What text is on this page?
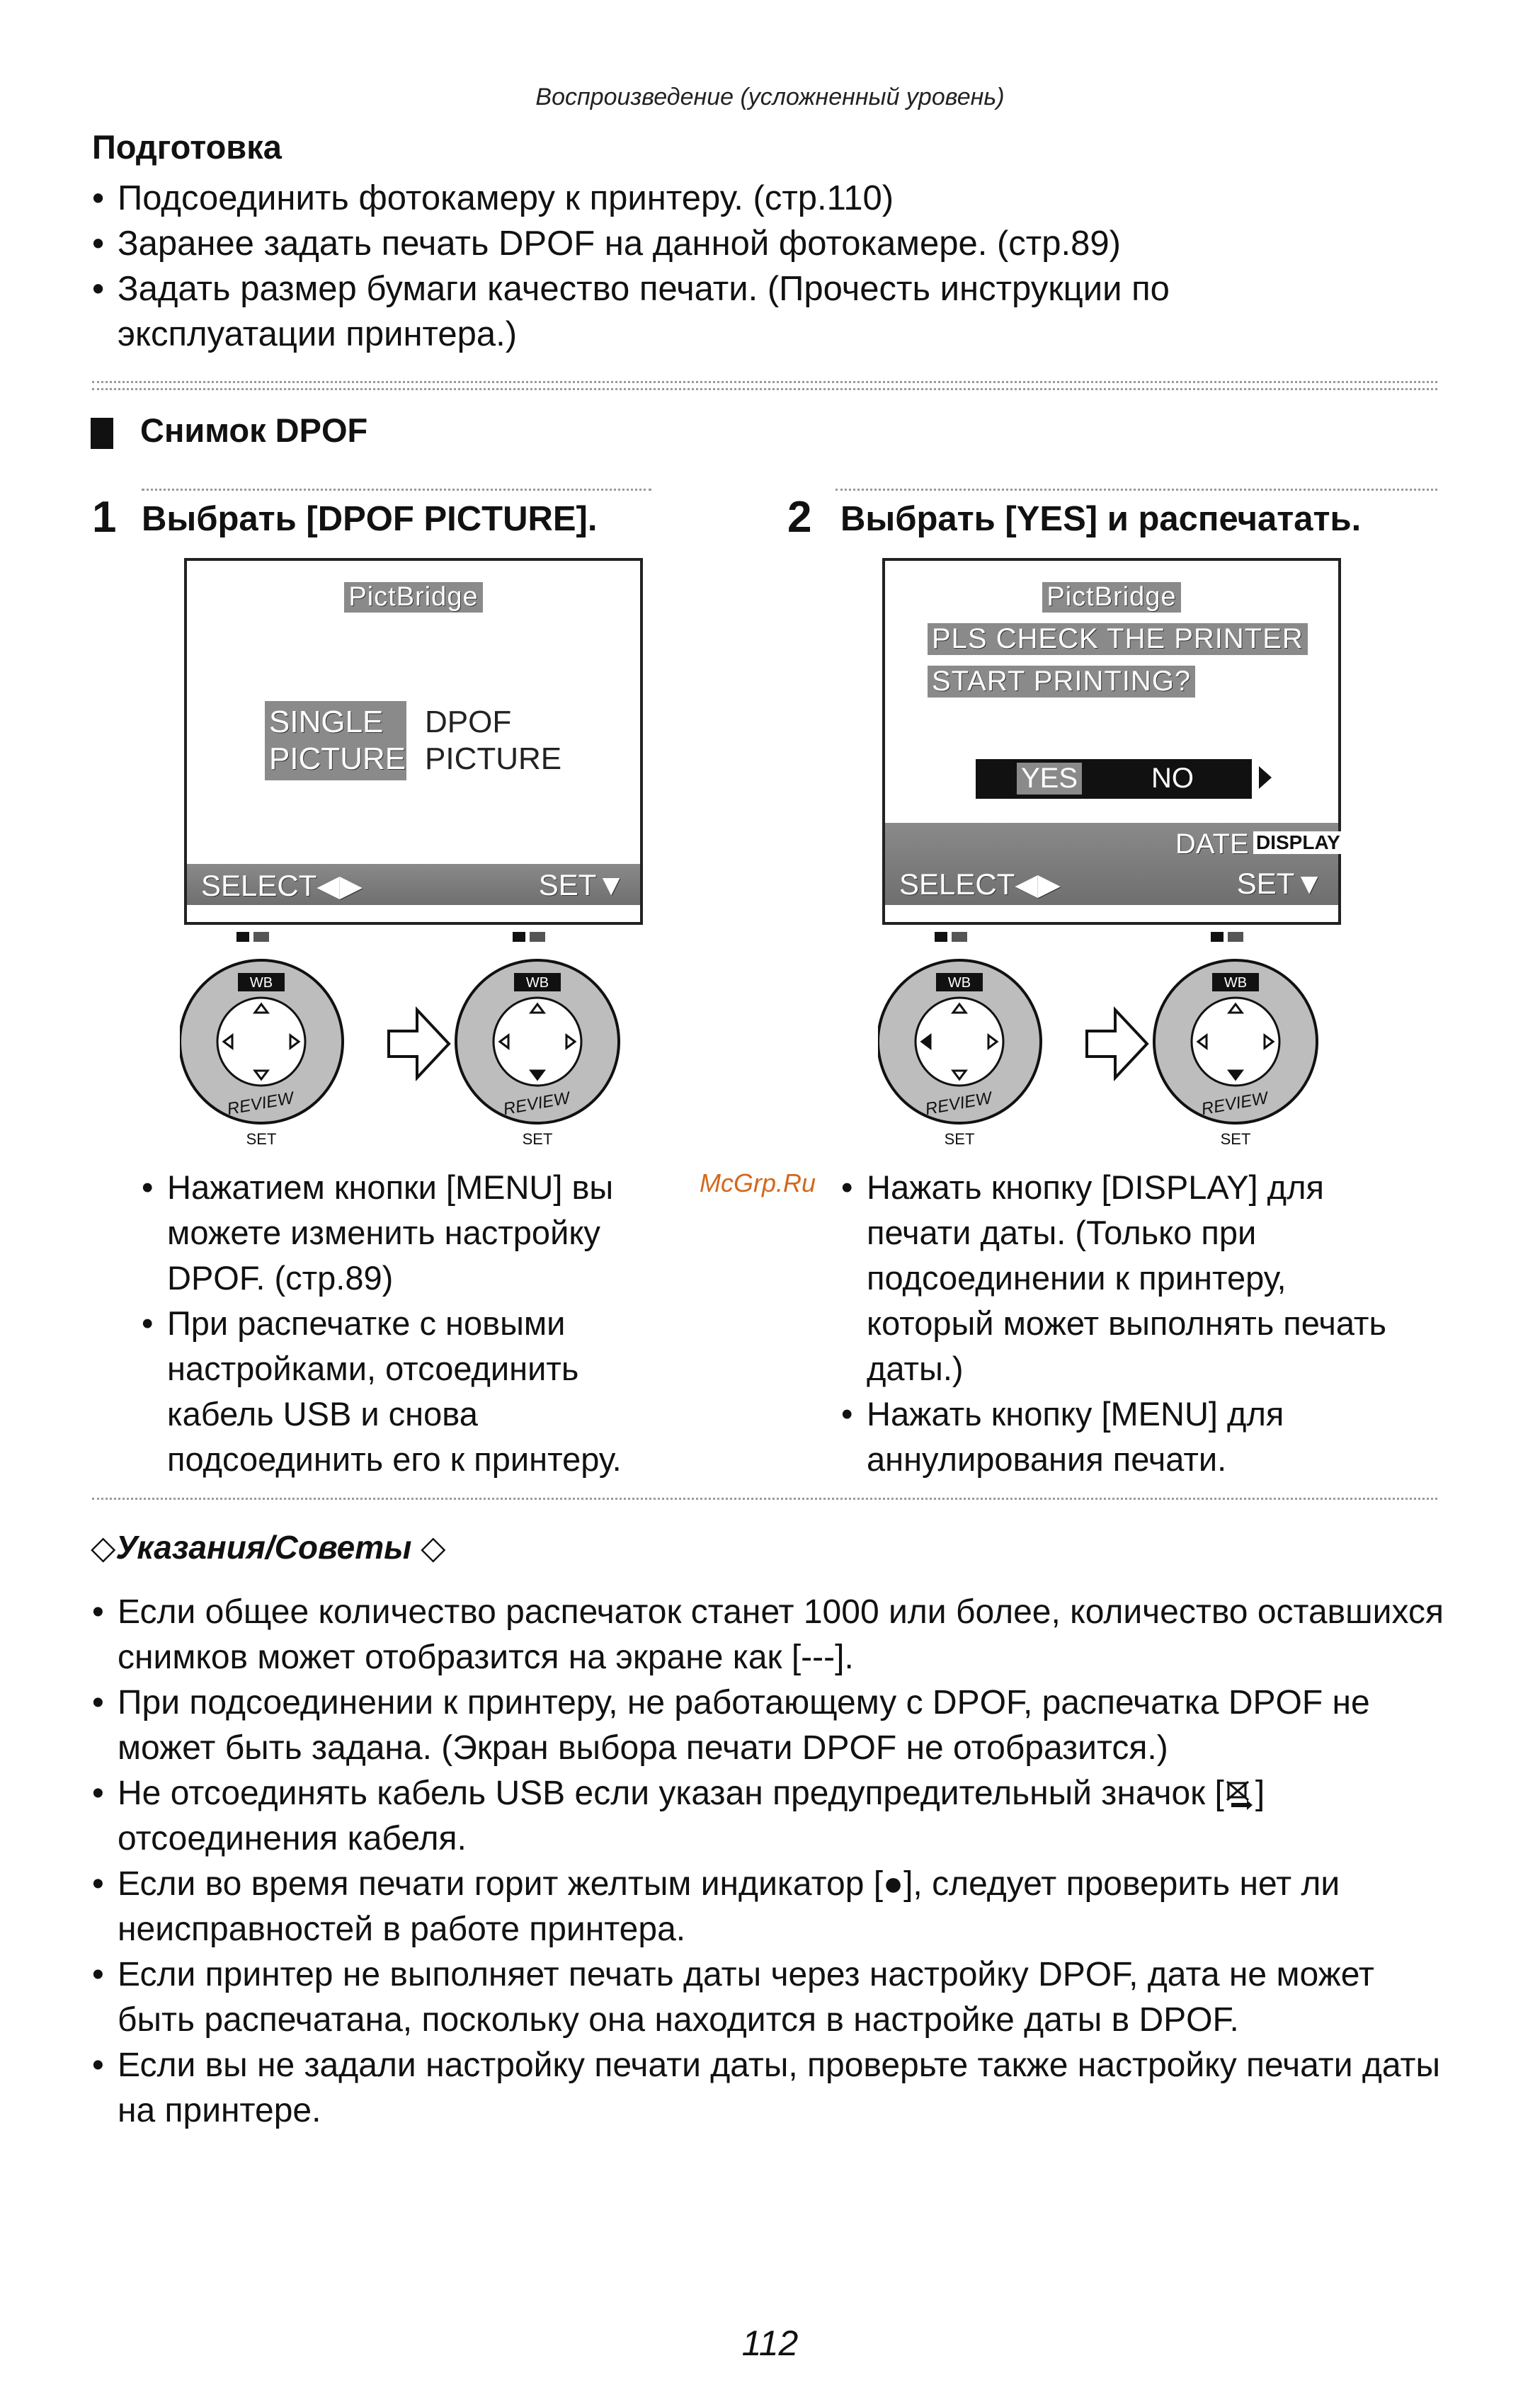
Воспроизведение (усложненный уровень)
Подготовка
• Подсоединить фотокамеру к принтеру. (стр.110)
• Заранее задать печать DPOF на данной фотокамере. (стр.89)
• Задать размер бумаги качество печати. (Прочесть инструкции по эксплуатации принтера.)
Снимок DPOF
1 Выбрать [DPOF PICTURE].
PictBridge
SINGLE
PICTURE
DPOF
PICTURE
SELECT◀▶	SET▼
2 Выбрать [YES] и распечатать.
PictBridge
PLS CHECK THE PRINTER
START PRINTING?
YES	NO
DATE DISPLAY
SELECT◀▶	SET▼
WB
REVIEW
SET
WB
REVIEW
SET
WB
REVIEW
SET
WB
REVIEW
SET
• Нажатием кнопки [MENU] вы можете изменить настройку DPOF. (стр.89)
• При распечатке с новыми настройками, отсоединить кабель USB и снова подсоединить его к принтеру.
McGrp.Ru
•	Нажать кнопку [DISPLAY] для печати даты. (Только при подсоединении к принтеру, который может выполнять печать даты.)
• Нажать кнопку [MENU] для аннулирования печати.
◇Указания/Советы ◇
• Если общее количество распечаток станет 1000 или более, количество оставшихся снимков может отобразится на экране как [---].
• При подсоединении к принтеру, не работающему с DPOF, распечатка DPOF не может быть задана. (Экран выбора печати DPOF не отобразится.)
• Не отсоединять кабель USB если указан предупредительный значок [ ] отсоединения кабеля.
• Если во время печати горит желтым индикатор [●], следует проверить нет ли неисправностей в работе принтера.
• Если принтер не выполняет печать даты через настройку DPOF, дата не может быть распечатана, поскольку она находится в настройке даты в DPOF.
• Если вы не задали настройку печати даты, проверьте также настройку печати даты на принтере.
112
